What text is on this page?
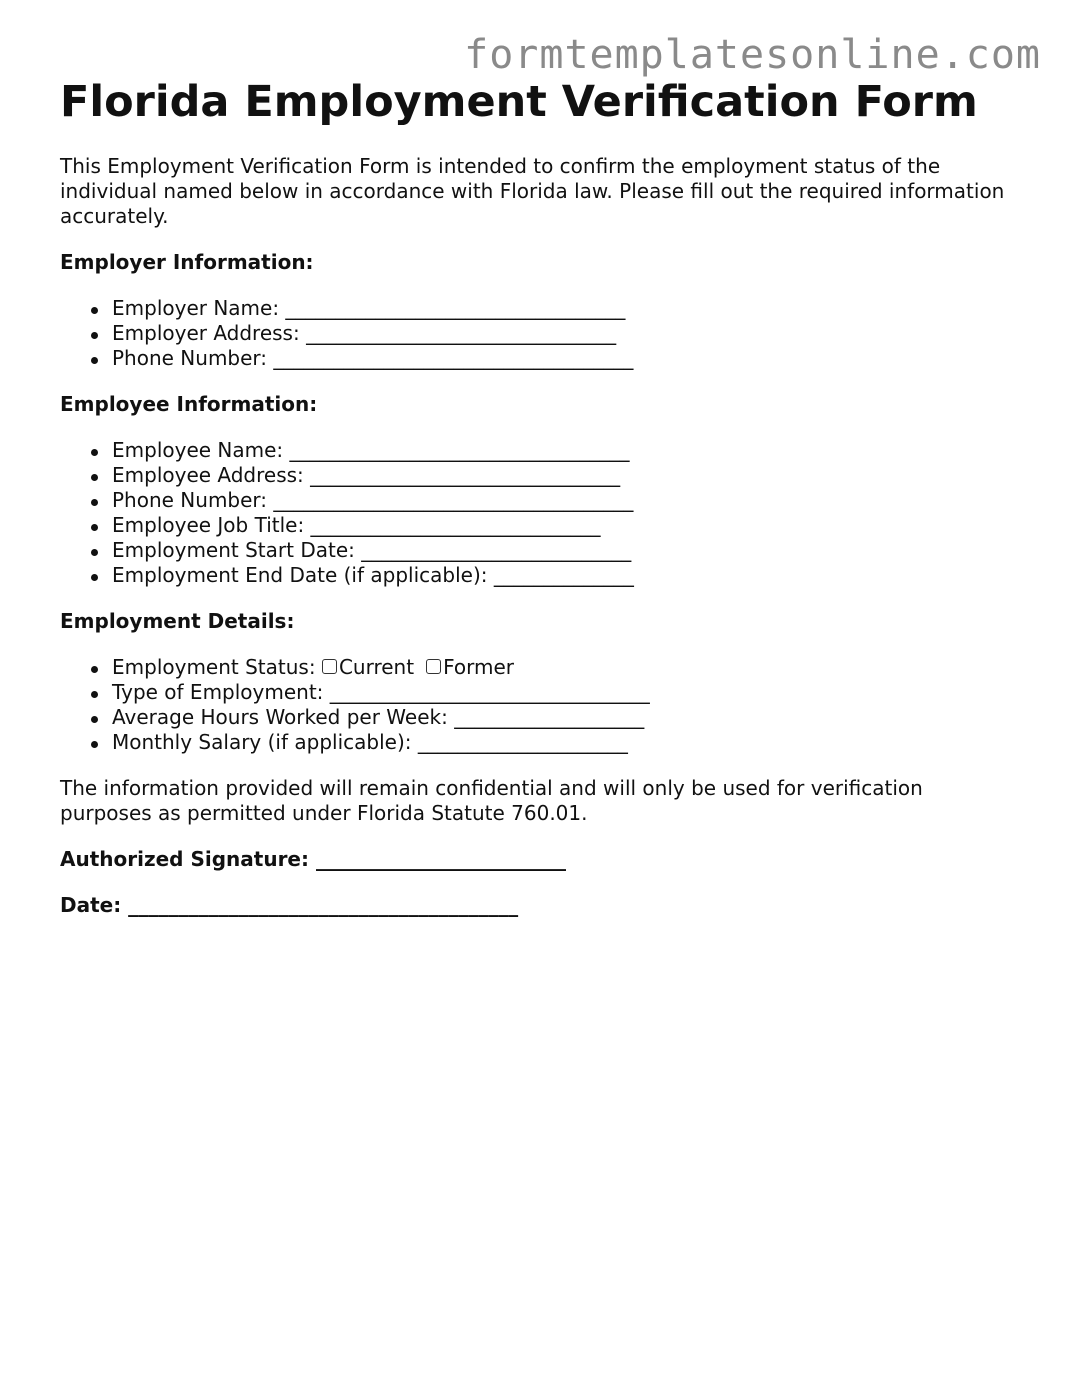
formtemplatesonline.com
Florida Employment Verification Form

This Employment Verification Form is intended to confirm the employment status of the individual named below in accordance with Florida law. Please fill out the required information accurately.

Employer Information:
Employer Name: __________________________________
Employer Address: _______________________________
Phone Number: ____________________________________
Employee Information:
Employee Name: __________________________________
Employee Address: _______________________________
Phone Number: ____________________________________
Employee Job Title: _____________________________
Employment Start Date: ___________________________
Employment End Date (if applicable): ______________
Employment Details:
Employment Status: Current Former
Type of Employment: ________________________________
Average Hours Worked per Week: ___________________
Monthly Salary (if applicable): _____________________

The information provided will remain confidential and will only be used for verification purposes as permitted under Florida Statute 760.01.

Authorized Signature: _________________________
Date: _______________________________________
